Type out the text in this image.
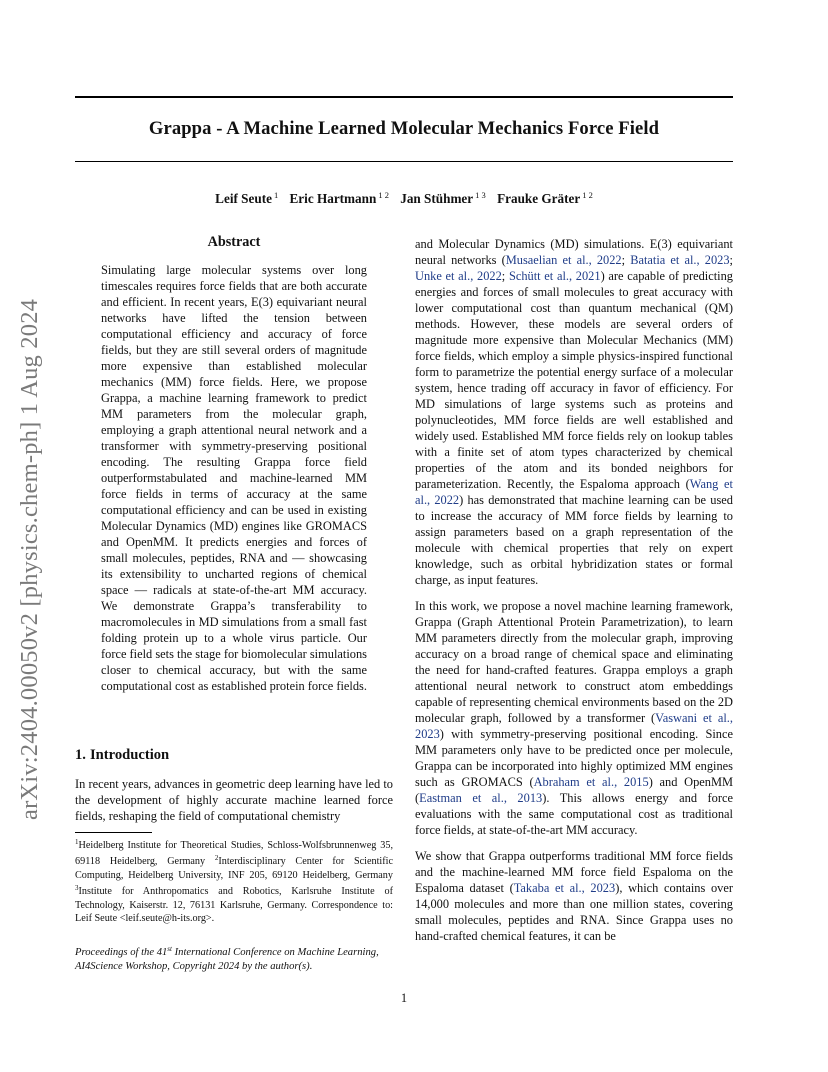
Grappa - A Machine Learned Molecular Mechanics Force Field
Leif Seute $^1$ Eric Hartmann $^{1 2}$ Jan Stühmer $^{1 3}$ Frauke Gräter $^{1 2}$
arXiv:2404.00050v2 [physics.chem-ph] 1 Aug 2024
Abstract
Simulating large molecular systems over long timescales requires force fields that are both accurate and efficient. In recent years, E(3) equivariant neural networks have lifted the tension between computational efficiency and accuracy of force fields, but they are still several orders of magnitude more expensive than established molecular mechanics (MM) force fields. Here, we propose Grappa, a machine learning framework to predict MM parameters from the molecular graph, employing a graph attentional neural network and a transformer with symmetry-preserving positional encoding. The resulting Grappa force field outperformstabulated and machine-learned MM force fields in terms of accuracy at the same computational efficiency and can be used in existing Molecular Dynamics (MD) engines like GROMACS and OpenMM. It predicts energies and forces of small molecules, peptides, RNA and — showcasing its extensibility to uncharted regions of chemical space — radicals at state-of-the-art MM accuracy. We demonstrate Grappa’s transferability to macromolecules in MD simulations from a small fast folding protein up to a whole virus particle. Our force field sets the stage for biomolecular simulations closer to chemical accuracy, but with the same computational cost as established protein force fields.
1. Introduction
In recent years, advances in geometric deep learning have led to the development of highly accurate machine learned force fields, reshaping the field of computational chemistry
$^1$Heidelberg Institute for Theoretical Studies, Schloss-Wolfsbrunnenweg 35, 69118 Heidelberg, Germany $^2$Interdisciplinary Center for Scientific Computing, Heidelberg University, INF 205, 69120 Heidelberg, Germany $^3$Institute for Anthropomatics and Robotics, Karlsruhe Institute of Technology, Kaiserstr. 12, 76131 Karlsruhe, Germany. Correspondence to: Leif Seute <leif.seute@h-its.org>.
Proceedings of the 41st International Conference on Machine Learning, AI4Science Workshop, Copyright 2024 by the author(s).

and Molecular Dynamics (MD) simulations. E(3) equivariant neural networks (Musaelian et al., 2022; Batatia et al., 2023; Unke et al., 2022; Schütt et al., 2021) are capable of predicting energies and forces of small molecules to great accuracy with lower computational cost than quantum mechanical (QM) methods. However, these models are several orders of magnitude more expensive than Molecular Mechanics (MM) force fields, which employ a simple physics-inspired functional form to parametrize the potential energy surface of a molecular system, hence trading off accuracy in favor of efficiency. For MD simulations of large systems such as proteins and polynucleotides, MM force fields are well established and widely used. Established MM force fields rely on lookup tables with a finite set of atom types characterized by chemical properties of the atom and its bonded neighbors for parameterization. Recently, the Espaloma approach (Wang et al., 2022) has demonstrated that machine learning can be used to increase the accuracy of MM force fields by learning to assign parameters based on a graph representation of the molecule with chemical properties that rely on expert knowledge, such as orbital hybridization states or formal charge, as input features.

In this work, we propose a novel machine learning framework, Grappa (Graph Attentional Protein Parametrization), to learn MM parameters directly from the molecular graph, improving accuracy on a broad range of chemical space and eliminating the need for hand-crafted features. Grappa employs a graph attentional neural network to construct atom embeddings capable of representing chemical environments based on the 2D molecular graph, followed by a transformer (Vaswani et al., 2023) with symmetry-preserving positional encoding. Since MM parameters only have to be predicted once per molecule, Grappa can be incorporated into highly optimized MM engines such as GROMACS (Abraham et al., 2015) and OpenMM (Eastman et al., 2013). This allows energy and force evaluations with the same computational cost as traditional force fields, at state-of-the-art MM accuracy.

We show that Grappa outperforms traditional MM force fields and the machine-learned MM force field Espaloma on the Espaloma dataset (Takaba et al., 2023), which contains over 14,000 molecules and more than one million states, covering small molecules, peptides and RNA. Since Grappa uses no hand-crafted chemical features, it can be

1
